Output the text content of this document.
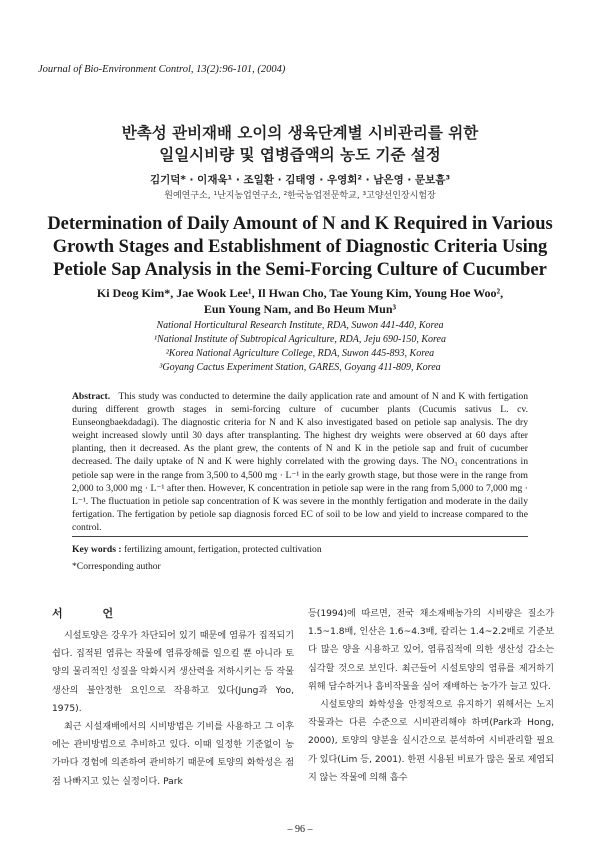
Journal of Bio-Environment Control, 13(2):96-101, (2004)
반촉성 관비재배 오이의 생육단계별 시비관리를 위한
일일시비량 및 엽병즙액의 농도 기준 설정
김기덕* · 이재욱¹ · 조일환 · 김태영 · 우영회² · 남은영 · 문보흠³
원예연구소, ¹난지농업연구소, ²한국농업전문학교, ³고양선인장시험장
Determination of Daily Amount of N and K Required in Various
Growth Stages and Establishment of Diagnostic Criteria Using
Petiole Sap Analysis in the Semi-Forcing Culture of Cucumber
Ki Deog Kim*, Jae Wook Lee¹, Il Hwan Cho, Tae Young Kim, Young Hoe Woo²,
Eun Young Nam, and Bo Heum Mun³
National Horticultural Research Institute, RDA, Suwon 441-440, Korea
¹National Institute of Subtropical Agriculture, RDA, Jeju 690-150, Korea
²Korea National Agriculture College, RDA, Suwon 445-893, Korea
³Goyang Cactus Experiment Station, GARES, Goyang 411-809, Korea
Abstract. This study was conducted to determine the daily application rate and amount of N and K with fertigation during different growth stages in semi-forcing culture of cucumber plants (Cucumis sativus L. cv. Eunseongbaekdadagi). The diagnostic criteria for N and K also investigated based on petiole sap analysis. The dry weight increased slowly until 30 days after transplanting. The highest dry weights were observed at 60 days after planting, then it decreased. As the plant grew, the contents of N and K in the petiole sap and fruit of cucumber decreased. The daily uptake of N and K were highly correlated with the growing days. The NO₃ concentrations in petiole sap were in the range from 3,500 to 4,500 mg · L⁻¹ in the early growth stage, but those were in the range from 2,000 to 3,000 mg · L⁻¹ after then. However, K concentration in petiole sap were in the rang from 5,000 to 7,000 mg · L⁻¹. The fluctuation in petiole sap concentration of K was severe in the monthly fertigation and moderate in the daily fertigation. The fertigation by petiole sap diagnosis forced EC of soil to be low and yield to increase compared to the control.
Key words : fertilizing amount, fertigation, protected cultivation
*Corresponding author

서 언

시설토양은 강우가 차단되어 있기 때문에 염류가 집적되기 쉽다. 집적된 염류는 작물에 염류장해를 일으킬 뿐 아니라 토양의 물리적인 성질을 악화시켜 생산력을 저하시키는 등 작물생산의 불안정한 요인으로 작용하고 있다(Jung과 Yoo, 1975).

최근 시설재배에서의 시비방법은 기비를 사용하고 그 이후에는 관비방법으로 추비하고 있다. 이때 일정한 기준없이 농가마다 경험에 의존하여 관비하기 때문에 토양의 화학성은 점점 나빠지고 있는 실정이다. Park

등(1994)에 따르면, 전국 채소재배농가의 시비량은 질소가 1.5~1.8배, 인산은 1.6~4.3배, 칼리는 1.4~2.2배로 기준보다 많은 양을 시용하고 있어, 염류집적에 의한 생산성 감소는 심각할 것으로 보인다. 최근들어 시설토양의 염류를 제거하기 위해 담수하거나 흡비작물을 심어 재배하는 농가가 늘고 있다.

시설토양의 화학성을 안정적으로 유지하기 위해서는 노지작물과는 다른 수준으로 시비관리해야 하며(Park과 Hong, 2000), 토양의 양분을 실시간으로 분석하여 시비관리할 필요가 있다(Lim 등, 2001). 한편 시용된 비료가 많은 물로 제염되지 않는 작물에 의해 흡수

– 96 –
